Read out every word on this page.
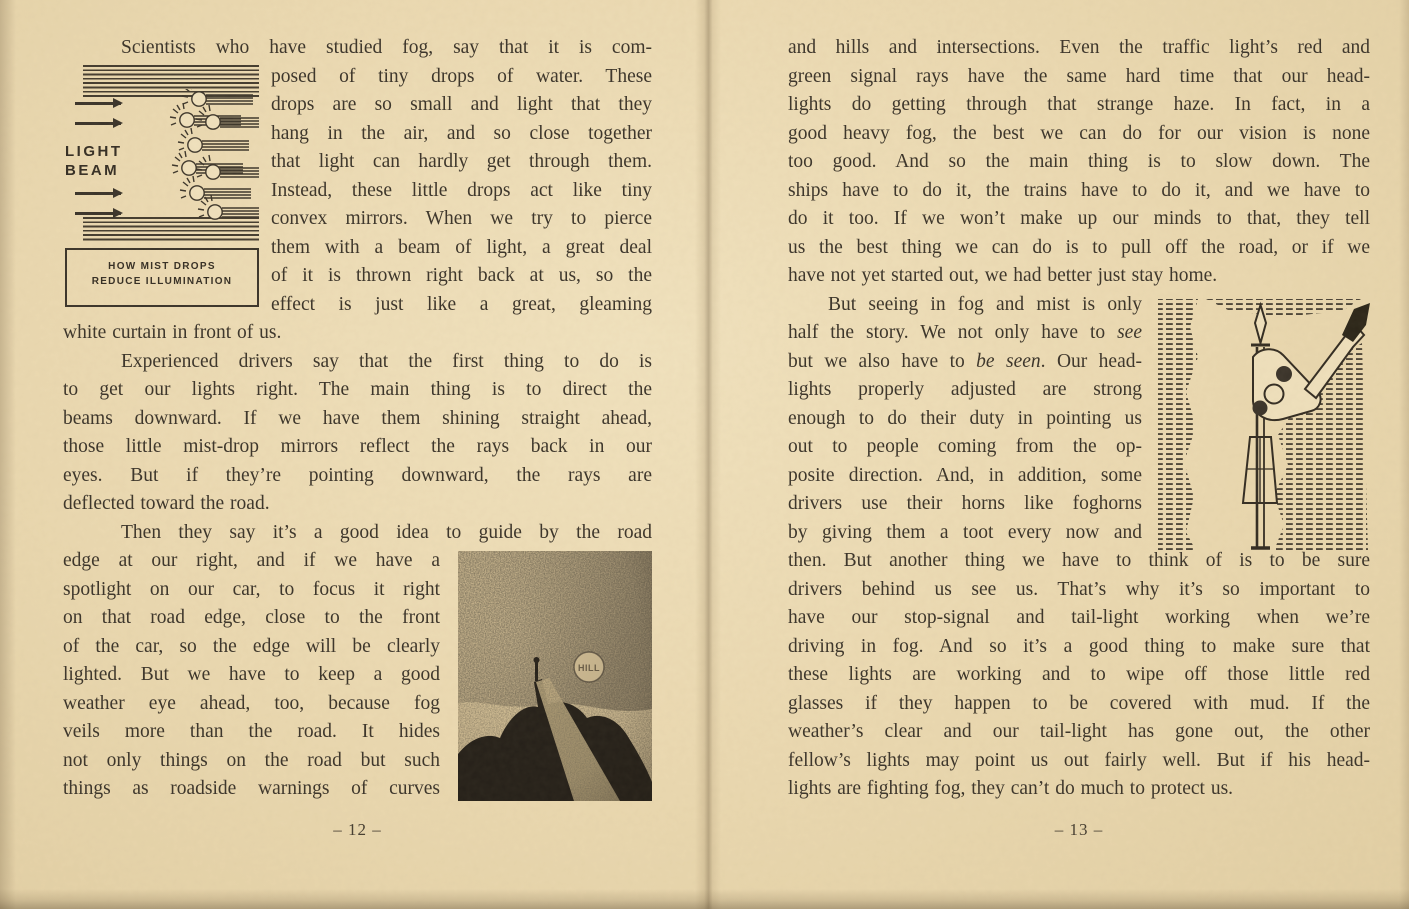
Scientists who have studied fog, say that it is com-
LIGHT
BEAM
HOW MIST DROPS
REDUCE ILLUMINATION
posed of tiny drops of water. These
drops are so small and light that they
hang in the air, and so close together
that light can hardly get through them.
Instead, these little drops act like tiny
convex mirrors. When we try to pierce
them with a beam of light, a great deal
of it is thrown right back at us, so the
effect is just like a great, gleaming
white curtain in front of us.
Experienced drivers say that the first thing to do is
to get our lights right. The main thing is to direct the
beams downward. If we have them shining straight ahead,
those little mist-drop mirrors reflect the rays back in our
eyes. But if they’re pointing downward, the rays are
deflected toward the road.
Then they say it’s a good idea to guide by the road
edge at our right, and if we have a
spotlight on our car, to focus it right
on that road edge, close to the front
of the car, so the edge will be clearly
lighted. But we have to keep a good
weather eye ahead, too, because fog
veils more than the road. It hides
not only things on the road but such
things as roadside warnings of curves
– 12 –
and hills and intersections. Even the traffic light’s red and
green signal rays have the same hard time that our head-
lights do getting through that strange haze. In fact, in a
good heavy fog, the best we can do for our vision is none
too good. And so the main thing is to slow down. The
ships have to do it, the trains have to do it, and we have to
do it too. If we won’t make up our minds to that, they tell
us the best thing we can do is to pull off the road, or if we
have not yet started out, we had better just stay home.
But seeing in fog and mist is only
half the story. We not only have to see
but we also have to be seen. Our head-
lights properly adjusted are strong
enough to do their duty in pointing us
out to people coming from the op-
posite direction. And, in addition, some
drivers use their horns like foghorns
by giving them a toot every now and
then. But another thing we have to think of is to be sure
drivers behind us see us. That’s why it’s so important to
have our stop-signal and tail-light working when we’re
driving in fog. And so it’s a good thing to make sure that
these lights are working and to wipe off those little red
glasses if they happen to be covered with mud. If the
weather’s clear and our tail-light has gone out, the other
fellow’s lights may point us out fairly well. But if his head-
lights are fighting fog, they can’t do much to protect us.
– 13 –
